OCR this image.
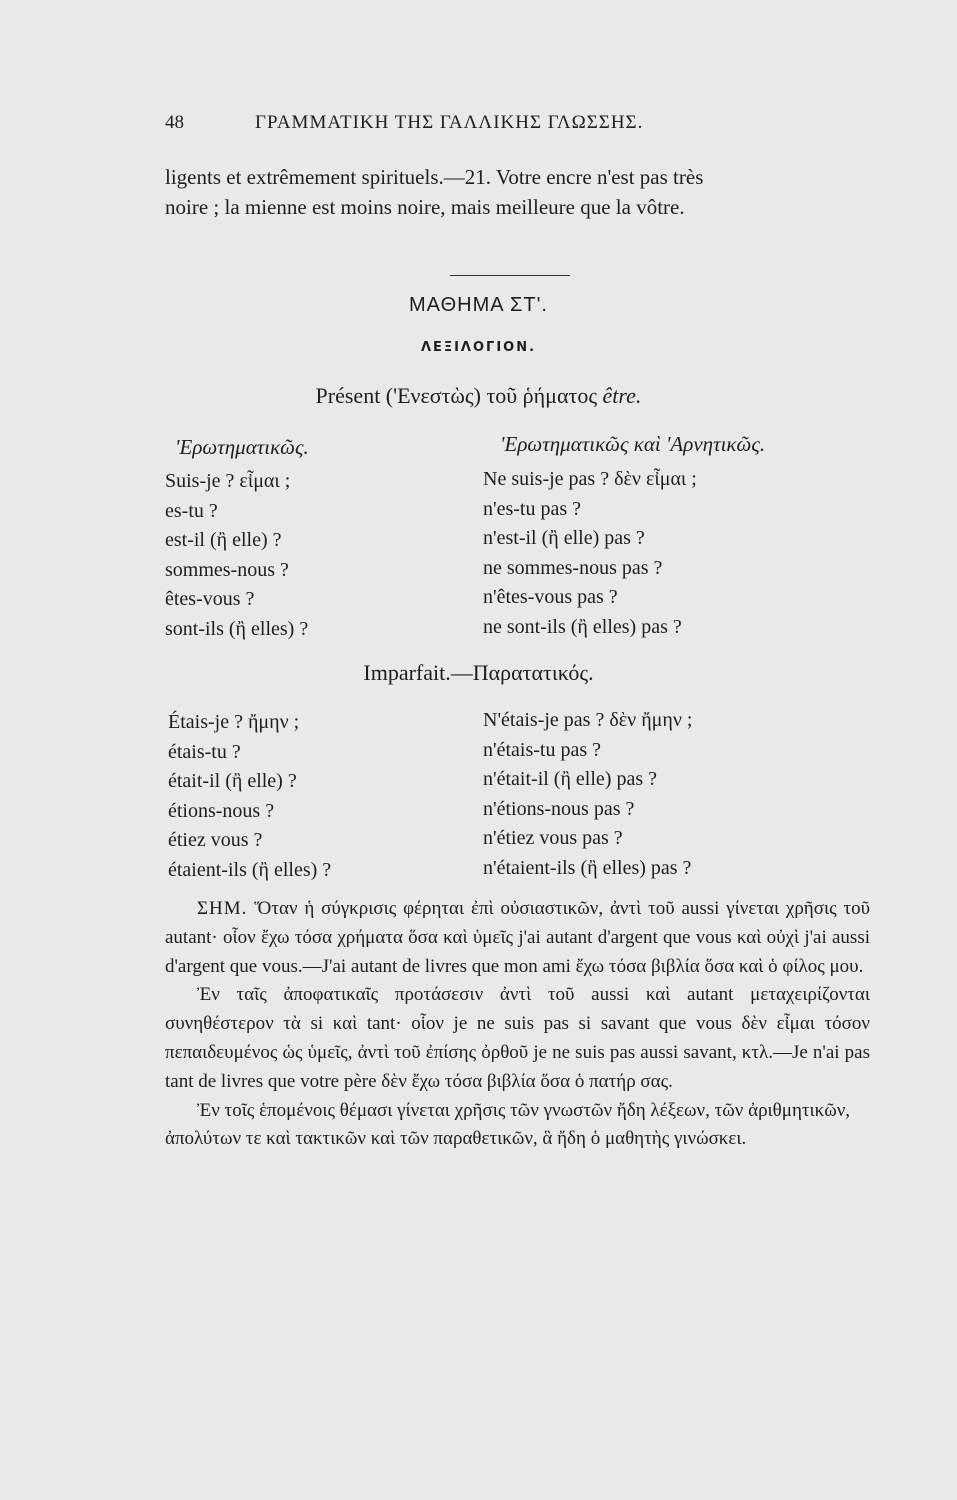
48	ΓΡΑΜΜΑΤΙΚΗ ΤΗΣ ΓΑΛΛΙΚΗΣ ΓΛΩΣΣΗΣ.
ligents et extrêmement spirituels.—21. Votre encre n'est pas très
noire ; la mienne est moins noire, mais meilleure que la vôtre.
ΜΑΘΗΜΑ ΣΤ'.
ΛΕΞΙΛΟΓΙΟΝ.
Présent ('Ενεστὼς) τοῦ ῥήματος être.
'Ερωτηματικῶς.	'Ερωτηματικῶς καὶ 'Αρνητικῶς.
Suis-je ? εἶμαι ;
es-tu ?
est-il (ἢ elle) ?
sommes-nous ?
êtes-vous ?
sont-ils (ἢ elles) ?
Ne suis-je pas ? δὲν εἶμαι ;
n'es-tu pas ?
n'est-il (ἢ elle) pas ?
ne sommes-nous pas ?
n'êtes-vous pas ?
ne sont-ils (ἢ elles) pas ?
Imparfait.—Παρατατικός.
Étais-je ? ἤμην ;
étais-tu ?
était-il (ἢ elle) ?
étions-nous ?
étiez vous ?
étaient-ils (ἢ elles) ?
N'étais-je pas ? δὲν ἤμην ;
n'étais-tu pas ?
n'était-il (ἢ elle) pas ?
n'étions-nous pas ?
n'étiez vous pas ?
n'étaient-ils (ἢ elles) pas ?

ΣΗΜ. Ὅταν ἡ σύγκρισις φέρηται ἐπὶ οὐσιαστικῶν, ἀντὶ τοῦ aussi γίνεται χρῆσις τοῦ autant· οἷον ἔχω τόσα χρήματα ὅσα καὶ ὑμεῖς j'ai autant d'argent que vous καὶ οὐχὶ j'ai aussi d'argent que vous.—J'ai autant de livres que mon ami ἔχω τόσα βιβλία ὅσα καὶ ὁ φίλος μου.

Ἐν ταῖς ἀποφατικαῖς προτάσεσιν ἀντὶ τοῦ aussi καὶ autant μεταχειρίζονται συνηθέστερον τὰ si καὶ tant· οἷον je ne suis pas si savant que vous δὲν εἶμαι τόσον πεπαιδευμένος ὡς ὑμεῖς, ἀντὶ τοῦ ἐπίσης ὀρθοῦ je ne suis pas aussi savant, κτλ.—Je n'ai pas tant de livres que votre père δὲν ἔχω τόσα βιβλία ὅσα ὁ πατήρ σας.

Ἐν τοῖς ἑπομένοις θέμασι γίνεται χρῆσις τῶν γνωστῶν ἤδη λέξεων, τῶν ἀριθμητικῶν, ἀπολύτων τε καὶ τακτικῶν καὶ τῶν παραθετικῶν, ἃ ἤδη ὁ μαθητὴς γινώσκει.
